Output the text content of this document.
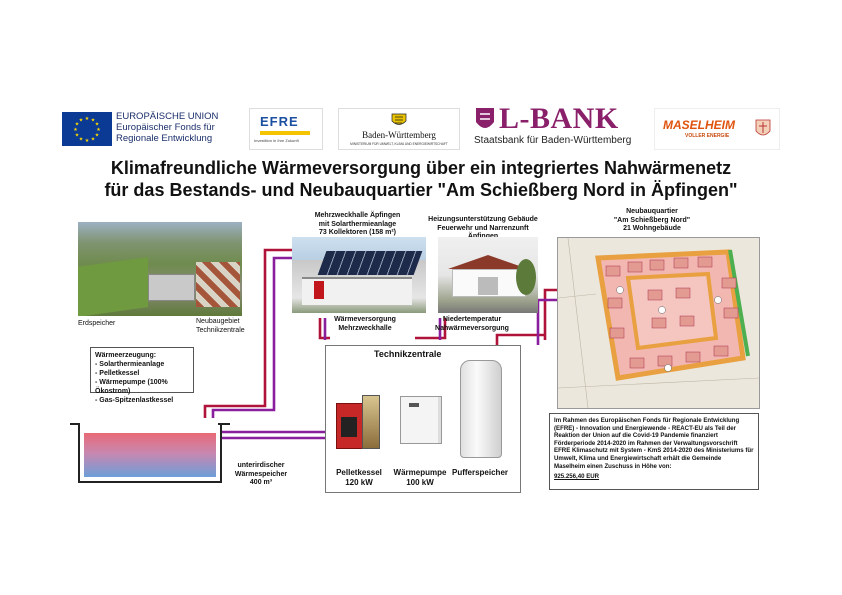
★ ★
★
★
★
★
★
★
★
★
★
★	EUROPÄISCHE UNION
Europäischer Fonds für
Regionale Entwicklung
EFRE
Investition in Ihre Zukunft
Baden-Württemberg
MINISTERIUM FÜR UMWELT, KLIMA UND ENERGIEWIRTSCHAFT
L-BANK
Staatsbank für Baden-Württemberg
MASELHEIM
VOLLER ENERGIE
Klimafreundliche Wärmeversorgung über ein integriertes Nahwärmenetz
für das Bestands- und Neubauquartier "Am Schießberg Nord in Äpfingen"
Erdspeicher	Neubaugebiet
Technikzentrale
Wärmeerzeugung:
- Solarthermieanlage
- Pelletkessel
- Wärmepumpe (100% Ökostrom)
- Gas-Spitzenlastkessel
unterirdischer
Wärmespeicher
400 m³
Mehrzweckhalle Äpfingen
mit Solarthermieanlage
73 Kollektoren (158 m²)
Wärmeversorgung
Mehrzweckhalle
Heizungsunterstützung Gebäude
Feuerwehr und Narrenzunft
Niedertemperatur
Nahwärmeversorgung
Neubauquartier
"Am Schießberg Nord"
21 Wohngebäude
Technikzentrale
Pelletkessel
120 kW
Wärmepumpe
100 kW
Pufferspeicher
Im Rahmen des Europäischen Fonds für Regionale Entwicklung (EFRE) - Innovation und Energiewende - REACT-EU als Teil der Reaktion der Union auf die Covid-19 Pandemie finanziert Förderperiode 2014-2020 im Rahmen der Verwaltungsvorschrift EFRE Klimaschutz mit System - KmS 2014-2020 des Ministeriums für Umwelt, Klima und Energiewirtschaft erhält die Gemeinde Maselheim einen Zuschuss in Höhe von:
925.256,40 EUR
